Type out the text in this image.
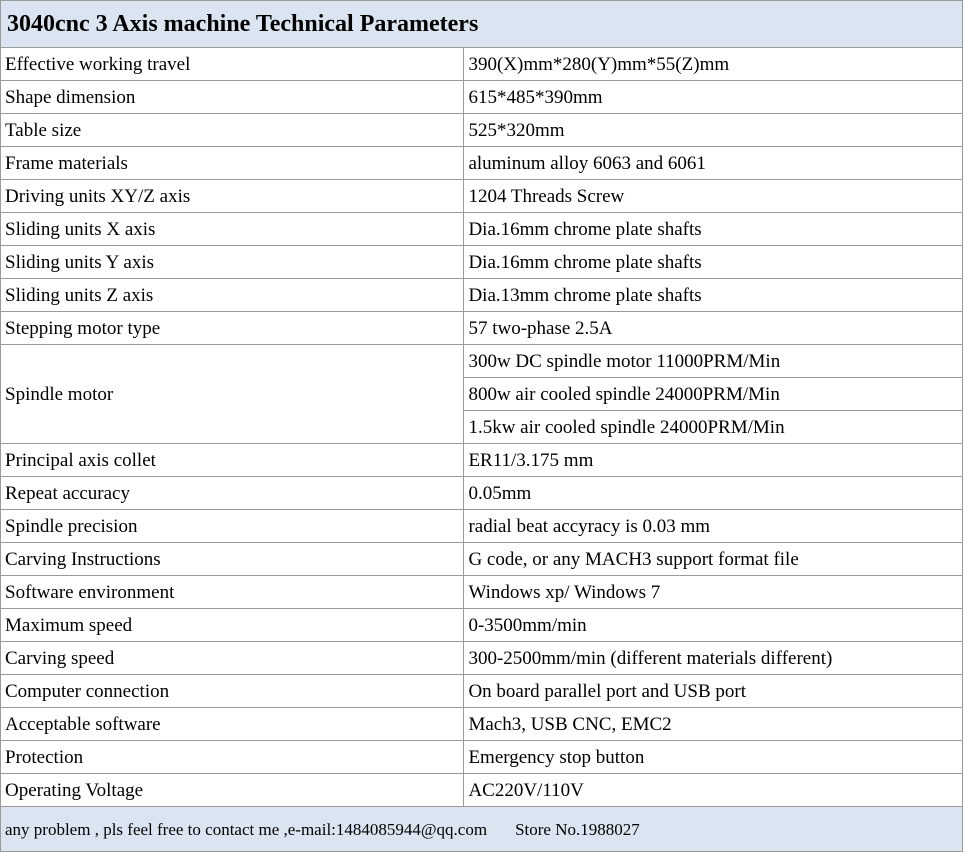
3040cnc 3 Axis machine Technical Parameters	
Effective working travel	390(X)mm*280(Y)mm*55(Z)mm
Shape dimension	615*485*390mm
Table size	525*320mm
Frame materials	aluminum alloy 6063 and 6061
Driving units XY/Z axis	1204 Threads Screw
Sliding units X axis	Dia.16mm chrome plate shafts
Sliding units Y axis	Dia.16mm chrome plate shafts
Sliding units Z axis	Dia.13mm chrome plate shafts
Stepping motor type	57 two-phase 2.5A
Spindle motor	300w DC spindle motor 11000PRM/Min
	800w air cooled spindle 24000PRM/Min
	1.5kw air cooled spindle 24000PRM/Min
Principal axis collet	ER11/3.175 mm
Repeat accuracy	0.05mm
Spindle precision	radial beat accyracy is 0.03 mm
Carving Instructions	G code, or any MACH3 support format file
Software environment	Windows xp/ Windows 7
Maximum speed	0-3500mm/min
Carving speed	300-2500mm/min (different materials different)
Computer connection	On board parallel port and USB port
Acceptable software	Mach3, USB CNC, EMC2
Protection	Emergency stop button
Operating Voltage	AC220V/110V
any problem , pls feel free to contact me ,e-mail:1484085944@qq.com Store No.1988027	
